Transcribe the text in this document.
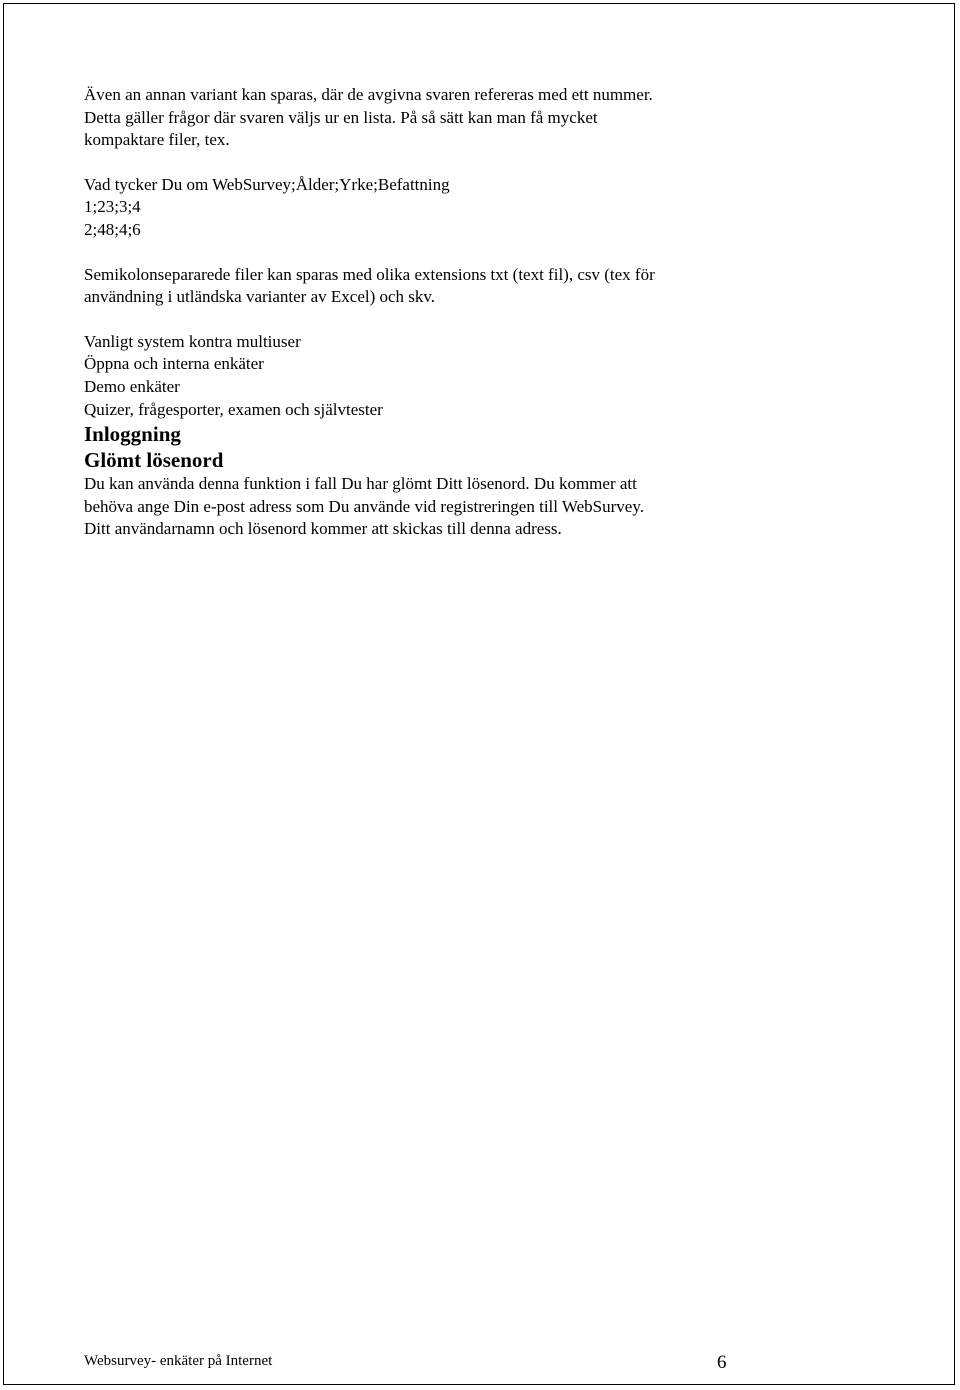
Även an annan variant kan sparas, där de avgivna svaren refereras med ett nummer.
Detta gäller frågor där svaren väljs ur en lista. På så sätt kan man få mycket
kompaktare filer, tex.

Vad tycker Du om WebSurvey;Ålder;Yrke;Befattning
1;23;3;4
2;48;4;6

Semikolonsepararede filer kan sparas med olika extensions txt (text fil), csv (tex för
användning i utländska varianter av Excel) och skv.

Vanligt system kontra multiuser
Öppna och interna enkäter
Demo enkäter
Quizer, frågesporter, examen och självtester

Inloggning
Glömt lösenord

Du kan använda denna funktion i fall Du har glömt Ditt lösenord. Du kommer att
behöva ange Din e-post adress som Du använde vid registreringen till WebSurvey.
Ditt användarnamn och lösenord kommer att skickas till denna adress.

Websurvey- enkäter på Internet	6
